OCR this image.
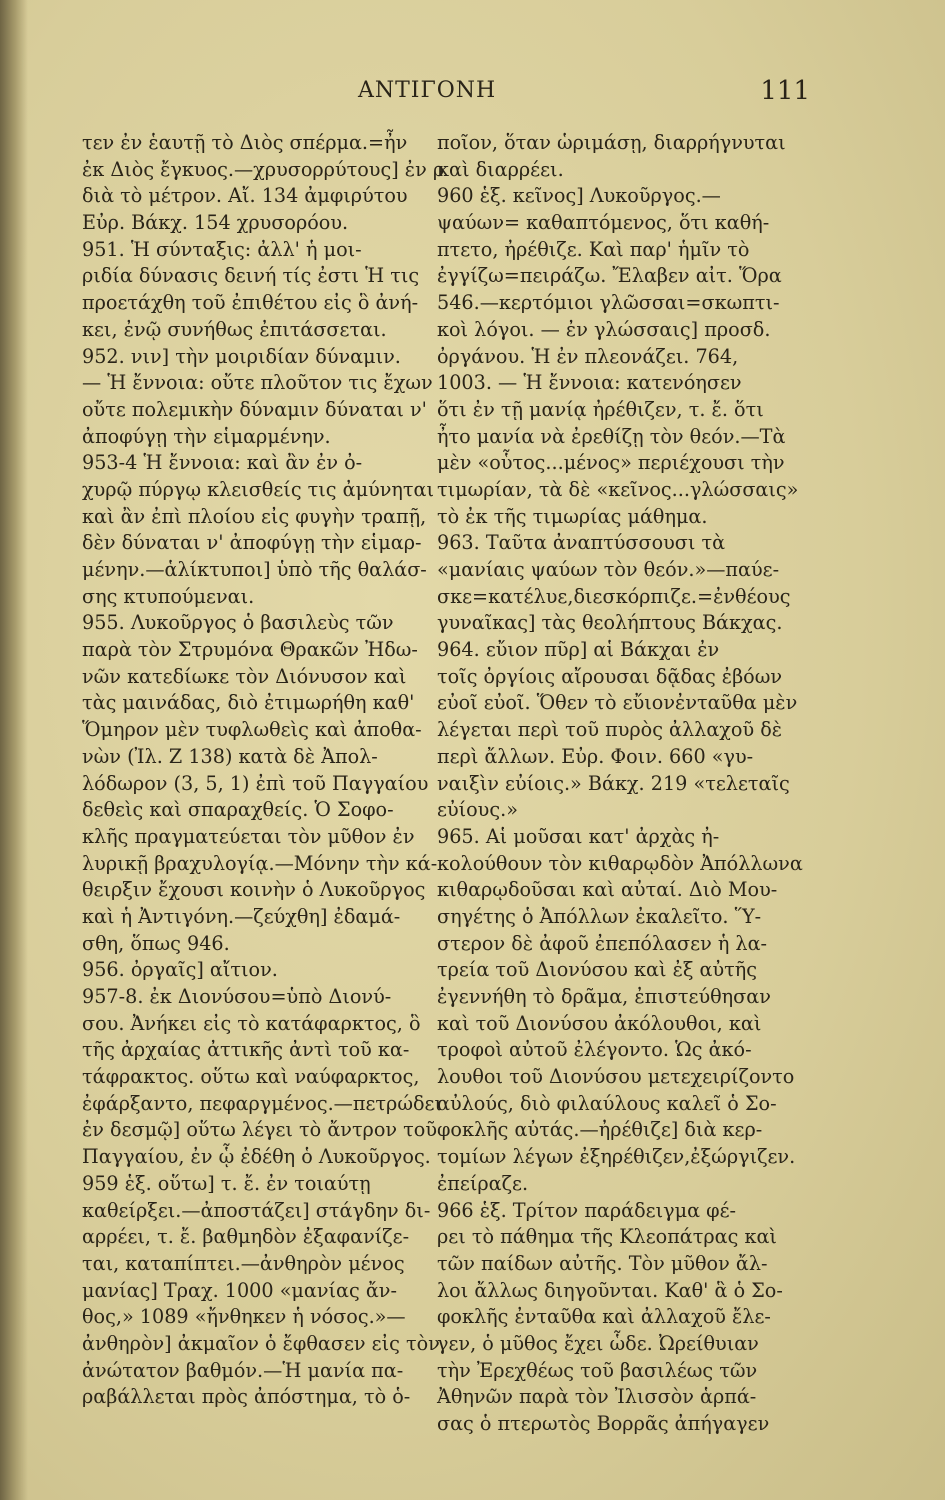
ΑΝΤΙΓΟΝΗ	111
τεν ἐν ἑαυτῇ τὸ Διὸς σπέρμα.=ἦν
ἐκ Διὸς ἔγκυος.—χρυσορρύτους] ἐν ρ
διὰ τὸ μέτρον. Αἴ. 134 ἀμφιρύτου
Εὐρ. Βάκχ. 154 χρυσορόου.
951. Ἡ σύνταξις: ἀλλ' ἡ μοι-
ριδία δύνασις δεινή τίς ἐστι Ἡ τις
προετάχθη τοῦ ἐπιθέτου εἰς ὃ ἀνή-
κει, ἐνῷ συνήθως ἐπιτάσσεται.
952. νιν] τὴν μοιριδίαν δύναμιν.
— Ἡ ἔννοια: οὔτε πλοῦτον τις ἔχων
οὔτε πολεμικὴν δύναμιν δύναται ν'
ἀποφύγῃ τὴν εἱμαρμένην.
953-4 Ἡ ἔννοια: καὶ ἂν ἐν ὀ-
χυρῷ πύργῳ κλεισθείς τις ἀμύνηται
καὶ ἂν ἐπὶ πλοίου εἰς φυγὴν τραπῇ,
δὲν δύναται ν' ἀποφύγῃ τὴν εἱμαρ-
μένην.—ἁλίκτυποι] ὑπὸ τῆς θαλάσ-
σης κτυπούμεναι.
955. Λυκοῦργος ὁ βασιλεὺς τῶν
παρὰ τὸν Στρυμόνα Θρακῶν Ἠδω-
νῶν κατεδίωκε τὸν Διόνυσον καὶ
τὰς μαινάδας, διὸ ἐτιμωρήθη καθ'
Ὅμηρον μὲν τυφλωθεὶς καὶ ἀποθα-
νὼν (Ἰλ. Ζ 138) κατὰ δὲ Ἀπολ-
λόδωρον (3, 5, 1) ἐπὶ τοῦ Παγγαίου
δεθεὶς καὶ σπαραχθείς. Ὁ Σοφο-
κλῆς πραγματεύεται τὸν μῦθον ἐν
λυρικῇ βραχυλογίᾳ.—Μόνην τὴν κά-
θειρξιν ἔχουσι κοινὴν ὁ Λυκοῦργος
καὶ ἡ Ἀντιγόνη.—ζεύχθη] ἐδαμά-
σθη, ὅπως 946.
956. ὀργαῖς] αἴτιον.
957-8. ἐκ Διονύσου=ὑπὸ Διονύ-
σου. Ἀνήκει εἰς τὸ κατάφαρκτος, ὃ
τῆς ἀρχαίας ἀττικῆς ἀντὶ τοῦ κα-
τάφρακτος. οὕτω καὶ ναύφαρκτος,
ἐφάρξαντο, πεφαργμένος.—πετρώδει
ἐν δεσμῷ] οὕτω λέγει τὸ ἄντρον τοῦ
Παγγαίου, ἐν ᾧ ἐδέθη ὁ Λυκοῦργος.
959 ἑξ. οὕτω] τ. ἔ. ἐν τοιαύτῃ
καθείρξει.—ἀποστάζει] στάγδην δι-
αρρέει, τ. ἔ. βαθμηδὸν ἐξαφανίζε-
ται, καταπίπτει.—ἀνθηρὸν μένος
μανίας] Τραχ. 1000 «μανίας ἄν-
θος,» 1089 «ἤνθηκεν ἡ νόσος.»—
ἀνθηρὸν] ἀκμαῖον ὁ ἔφθασεν εἰς τὸν
ἀνώτατον βαθμόν.—Ἡ μανία πα-
ραβάλλεται πρὸς ἀπόστημα, τὸ ὁ-
ποῖον, ὅταν ὡριμάσῃ, διαρρήγνυται
καὶ διαρρέει.
960 ἑξ. κεῖνος] Λυκοῦργος.—
ψαύων= καθαπτόμενος, ὅτι καθή-
πτετο, ἠρέθιζε. Καὶ παρ' ἡμῖν τὸ
ἐγγίζω=πειράζω. Ἔλαβεν αἰτ. Ὅρα
546.—κερτόμιοι γλῶσσαι=σκωπτι-
κοὶ λόγοι. — ἐν γλώσσαις] προσδ.
ὀργάνου. Ἡ ἐν πλεονάζει. 764,
1003. — Ἡ ἔννοια: κατενόησεν
ὅτι ἐν τῇ μανίᾳ ἠρέθιζεν, τ. ἔ. ὅτι
ἦτο μανία νὰ ἐρεθίζῃ τὸν θεόν.—Τὰ
μὲν «οὗτος...μένος» περιέχουσι τὴν
τιμωρίαν, τὰ δὲ «κεῖνος...γλώσσαις»
τὸ ἐκ τῆς τιμωρίας μάθημα.
963. Ταῦτα ἀναπτύσσουσι τὰ
«μανίαις ψαύων τὸν θεόν.»—παύε-
σκε=κατέλυε,διεσκόρπιζε.=ἐνθέους
γυναῖκας] τὰς θεολήπτους Βάκχας.
964. εὔιον πῦρ] αἱ Βάκχαι ἐν
τοῖς ὀργίοις αἴρουσαι δᾷδας ἐβόων
εὐοῖ εὐοῖ. Ὅθεν τὸ εὔιονἐνταῦθα μὲν
λέγεται περὶ τοῦ πυρὸς ἀλλαχοῦ δὲ
περὶ ἄλλων. Εὐρ. Φοιν. 660 «γυ-
ναιξὶν εὐίοις.» Βάκχ. 219 «τελεταῖς
εὐίους.»
965. Αἱ μοῦσαι κατ' ἀρχὰς ἠ-
κολούθουν τὸν κιθαρῳδὸν Ἀπόλλωνα
κιθαρῳδοῦσαι καὶ αὐταί. Διὸ Μου-
σηγέτης ὁ Ἀπόλλων ἐκαλεῖτο. Ὕ-
στερον δὲ ἀφοῦ ἐπεπόλασεν ἡ λα-
τρεία τοῦ Διονύσου καὶ ἐξ αὐτῆς
ἐγεννήθη τὸ δρᾶμα, ἐπιστεύθησαν
καὶ τοῦ Διονύσου ἀκόλουθοι, καὶ
τροφοὶ αὐτοῦ ἐλέγοντο. Ὡς ἀκό-
λουθοι τοῦ Διονύσου μετεχειρίζοντο
αὐλούς, διὸ φιλαύλους καλεῖ ὁ Σο-
φοκλῆς αὐτάς.—ἠρέθιζε] διὰ κερ-
τομίων λέγων ἐξηρέθιζεν,ἐξώργιζεν.
ἐπείραζε.
966 ἑξ. Τρίτον παράδειγμα φέ-
ρει τὸ πάθημα τῆς Κλεοπάτρας καὶ
τῶν παίδων αὐτῆς. Τὸν μῦθον ἄλ-
λοι ἄλλως διηγοῦνται. Καθ' ἃ ὁ Σο-
φοκλῆς ἐνταῦθα καὶ ἀλλαχοῦ ἔλε-
γεν, ὁ μῦθος ἔχει ὧδε. Ὠρείθυιαν
τὴν Ἐρεχθέως τοῦ βασιλέως τῶν
Ἀθηνῶν παρὰ τὸν Ἰλισσὸν ἁρπά-
σας ὁ πτερωτὸς Βορρᾶς ἀπήγαγεν
